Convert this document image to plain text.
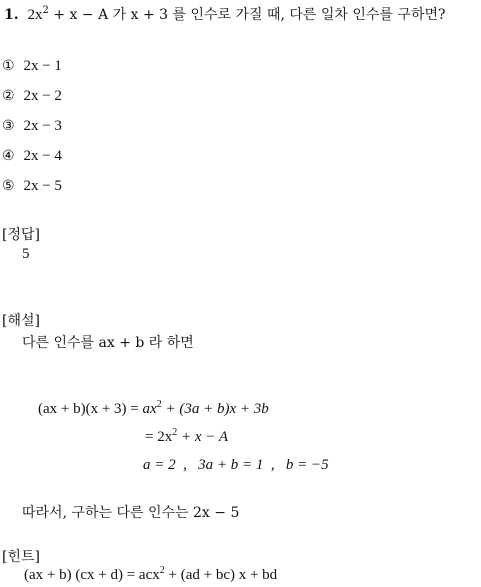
1. $2x^2 + x - A$ 가 x + 3 를 인수로 가질 때, 다른 일차 인수를 구하면?
① 2x − 1
② 2x − 2
③ 2x − 3
④ 2x − 4
⑤ 2x − 5
[정답]
5
[해설]
다른 인수를 ax + b 라 하면
$(ax + b)(x + 3) = ax^2 + (3a + b)x + 3b$
= $2x^2 + x - A$
a = 2  ,   3a + b = 1  ,   b = −5
따라서, 구하는 다른 인수는 2x − 5
[힌트]
(ax + b) (cx + d) = acx$^2$ + (ad + bc) x + bd
